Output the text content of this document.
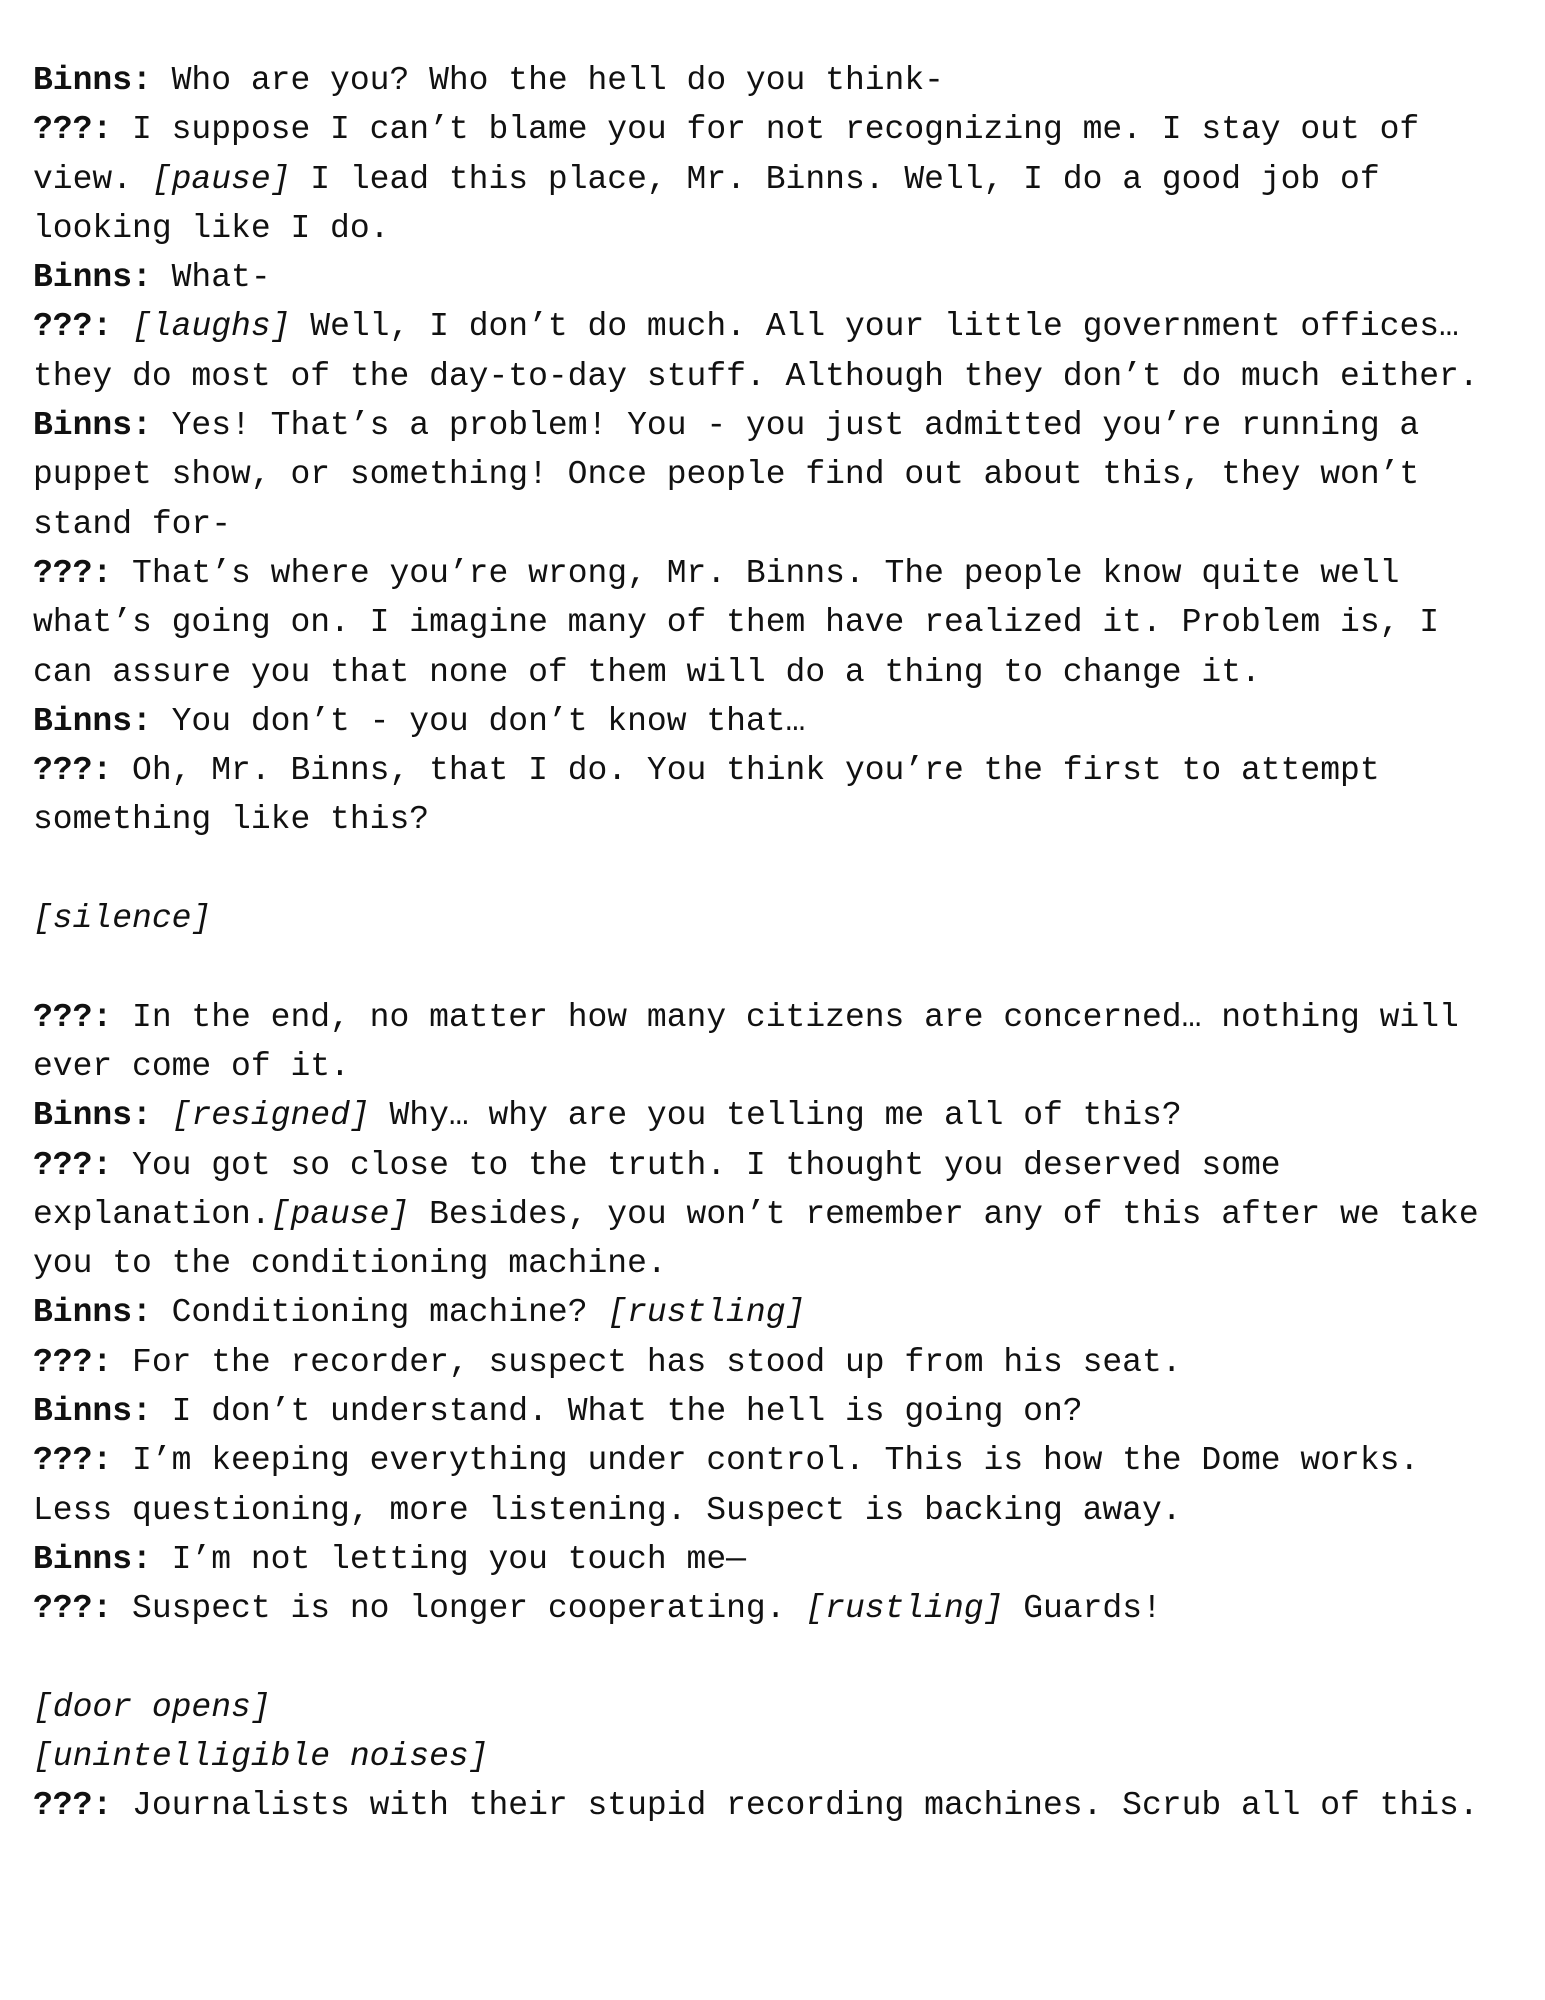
Binns: Who are you? Who the hell do you think-

???: I suppose I can’t blame you for not recognizing me. I stay out of view. [pause] I lead this place, Mr. Binns. Well, I do a good job of looking like I do.

Binns: What-

???: [laughs] Well, I don’t do much. All your little government offices… they do most of the day-to-day stuff. Although they don’t do much either.

Binns: Yes! That’s a problem! You - you just admitted you’re running a puppet show, or something! Once people find out about this, they won’t stand for-

???: That’s where you’re wrong, Mr. Binns. The people know quite well what’s going on. I imagine many of them have realized it. Problem is, I can assure you that none of them will do a thing to change it.

Binns: You don’t - you don’t know that…

???: Oh, Mr. Binns, that I do. You think you’re the first to attempt something like this?

[silence]

???: In the end, no matter how many citizens are concerned… nothing will ever come of it.

Binns: [resigned] Why… why are you telling me all of this?

???: You got so close to the truth. I thought you deserved some explanation.[pause] Besides, you won’t remember any of this after we take you to the conditioning machine.

Binns: Conditioning machine? [rustling]

???: For the recorder, suspect has stood up from his seat.

Binns: I don’t understand. What the hell is going on?

???: I’m keeping everything under control. This is how the Dome works. Less questioning, more listening. Suspect is backing away.

Binns: I’m not letting you touch me—

???: Suspect is no longer cooperating. [rustling] Guards!

[door opens]

[unintelligible noises]

???: Journalists with their stupid recording machines. Scrub all of this.
